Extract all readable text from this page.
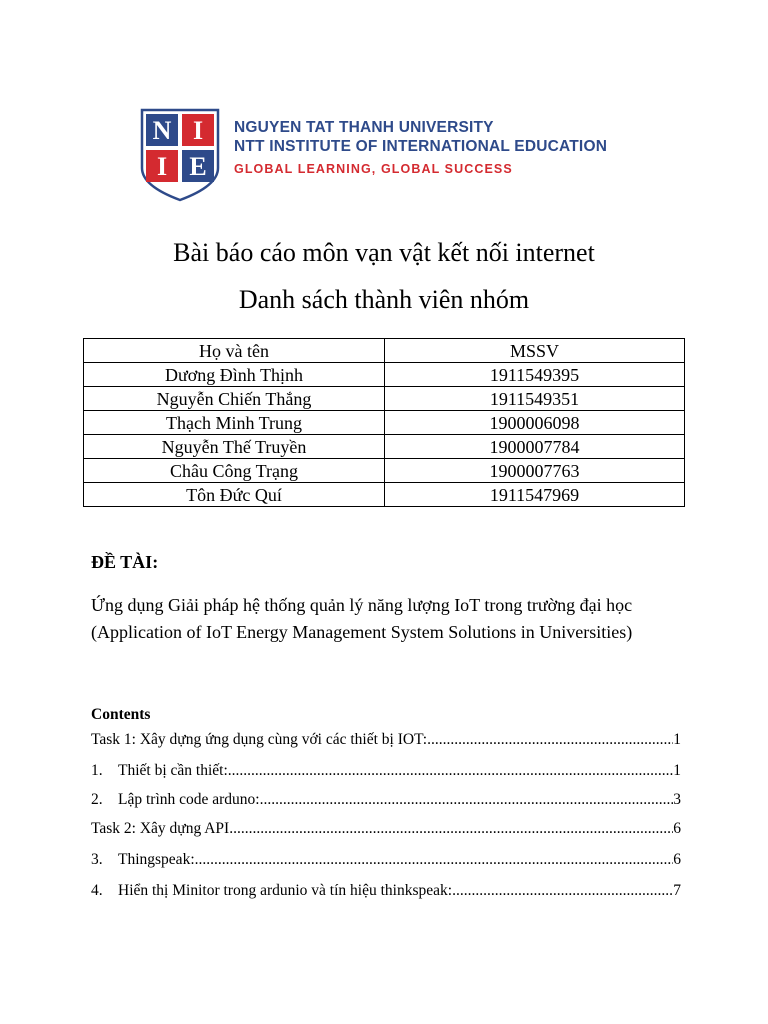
N I
I E
NGUYEN TAT THANH UNIVERSITY
NTT INSTITUTE OF INTERNATIONAL EDUCATION
GLOBAL LEARNING, GLOBAL SUCCESS
Bài báo cáo môn vạn vật kết nối internet
Danh sách thành viên nhóm
Họ và tên	MSSV
Dương Đình Thịnh	1911549395
Nguyễn Chiến Thắng	1911549351
Thạch Minh Trung	1900006098
Nguyễn Thế Truyền	1900007784
Châu Công Trạng	1900007763
Tôn Đức Quí	1911547969
ĐỀ TÀI:
Ứng dụng Giải pháp hệ thống quản lý năng lượng IoT trong trường đại học (Application of IoT Energy Management System Solutions in Universities)
Contents
Task 1: Xây dựng ứng dụng cùng với các thiết bị IOT: .....	1
1. Thiết bị cần thiết: .....	1
2. Lập trình code arduno: .....	3
Task 2: Xây dựng API .....	6
3. Thingspeak: .....	6
4. Hiển thị Minitor trong ardunio và tín hiệu thinkspeak: .....	7
